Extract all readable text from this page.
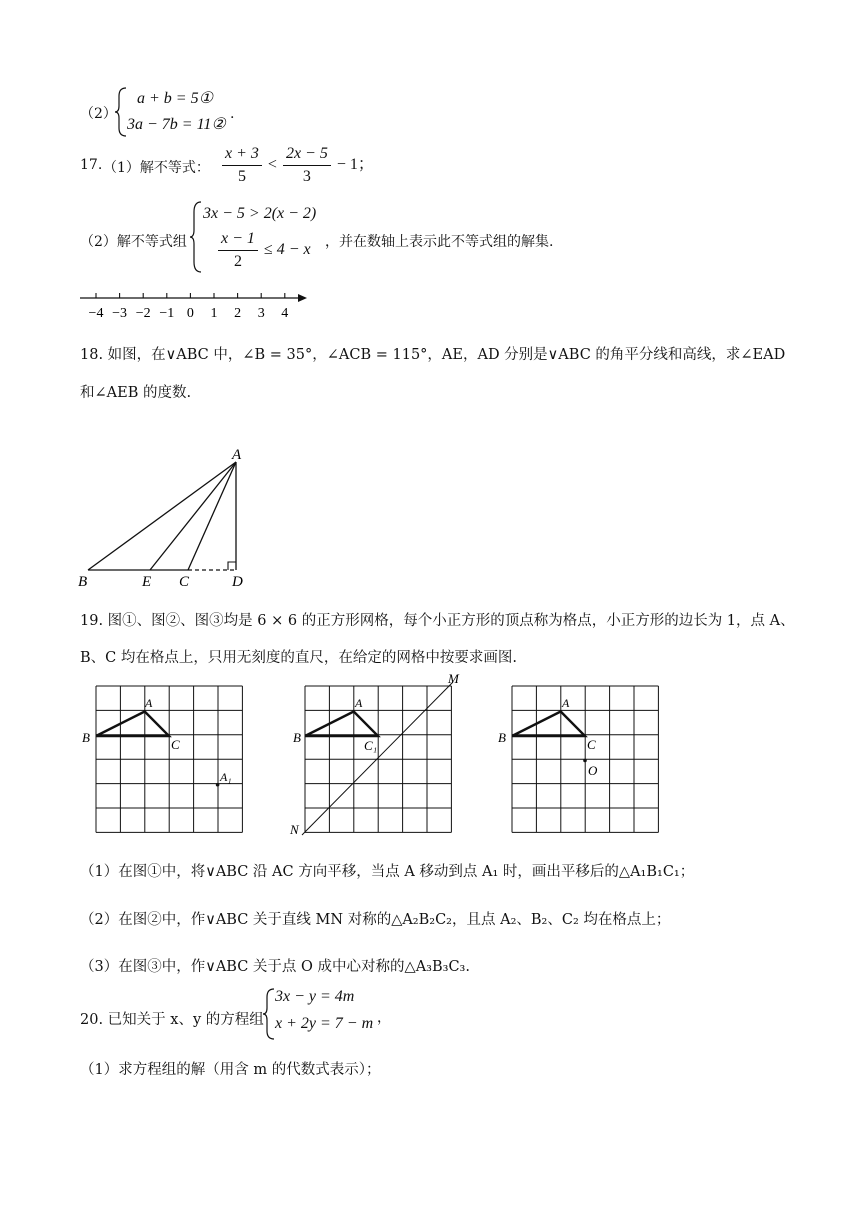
（2）
a + b = 5①
3a − 7b = 11②
.
17. （1）解不等式： $\frac{x + 3}{5} < \frac{2x - 5}{3} - 1$；
（2）解不等式组
3x − 5 > 2(x − 2)
$\frac{x - 1}{2} \le 4 - x$ ，并在数轴上表示此不等式组的解集.
−4 −3 −2 −1 0 1 2 3 4
18. 如图，在∨ABC 中，∠B = 35°，∠ACB = 115°，AE，AD 分别是∨ABC 的角平分线和高线，求∠EAD
和∠AEB 的度数.
A
B	E C	D
19. 图①、图②、图③均是 6 × 6 的正方形网格，每个小正方形的顶点称为格点，小正方形的边长为 1，点 A、
B、C 均在格点上，只用无刻度的直尺，在给定的网格中按要求画图.
A
B	C
A₁
A
B
C₁
M
N
A
B	C
O
（1）在图①中，将∨ABC 沿 AC 方向平移，当点 A 移动到点 A₁ 时，画出平移后的△A₁B₁C₁；
（2）在图②中，作∨ABC 关于直线 MN 对称的△A₂B₂C₂，且点 A₂、B₂、C₂ 均在格点上；
（3）在图③中，作∨ABC 关于点 O 成中心对称的△A₃B₃C₃.
20. 已知关于 x、y 的方程组
3x − y = 4m
x + 2y = 7 − m ，
（1）求方程组的解（用含 m 的代数式表示）；
